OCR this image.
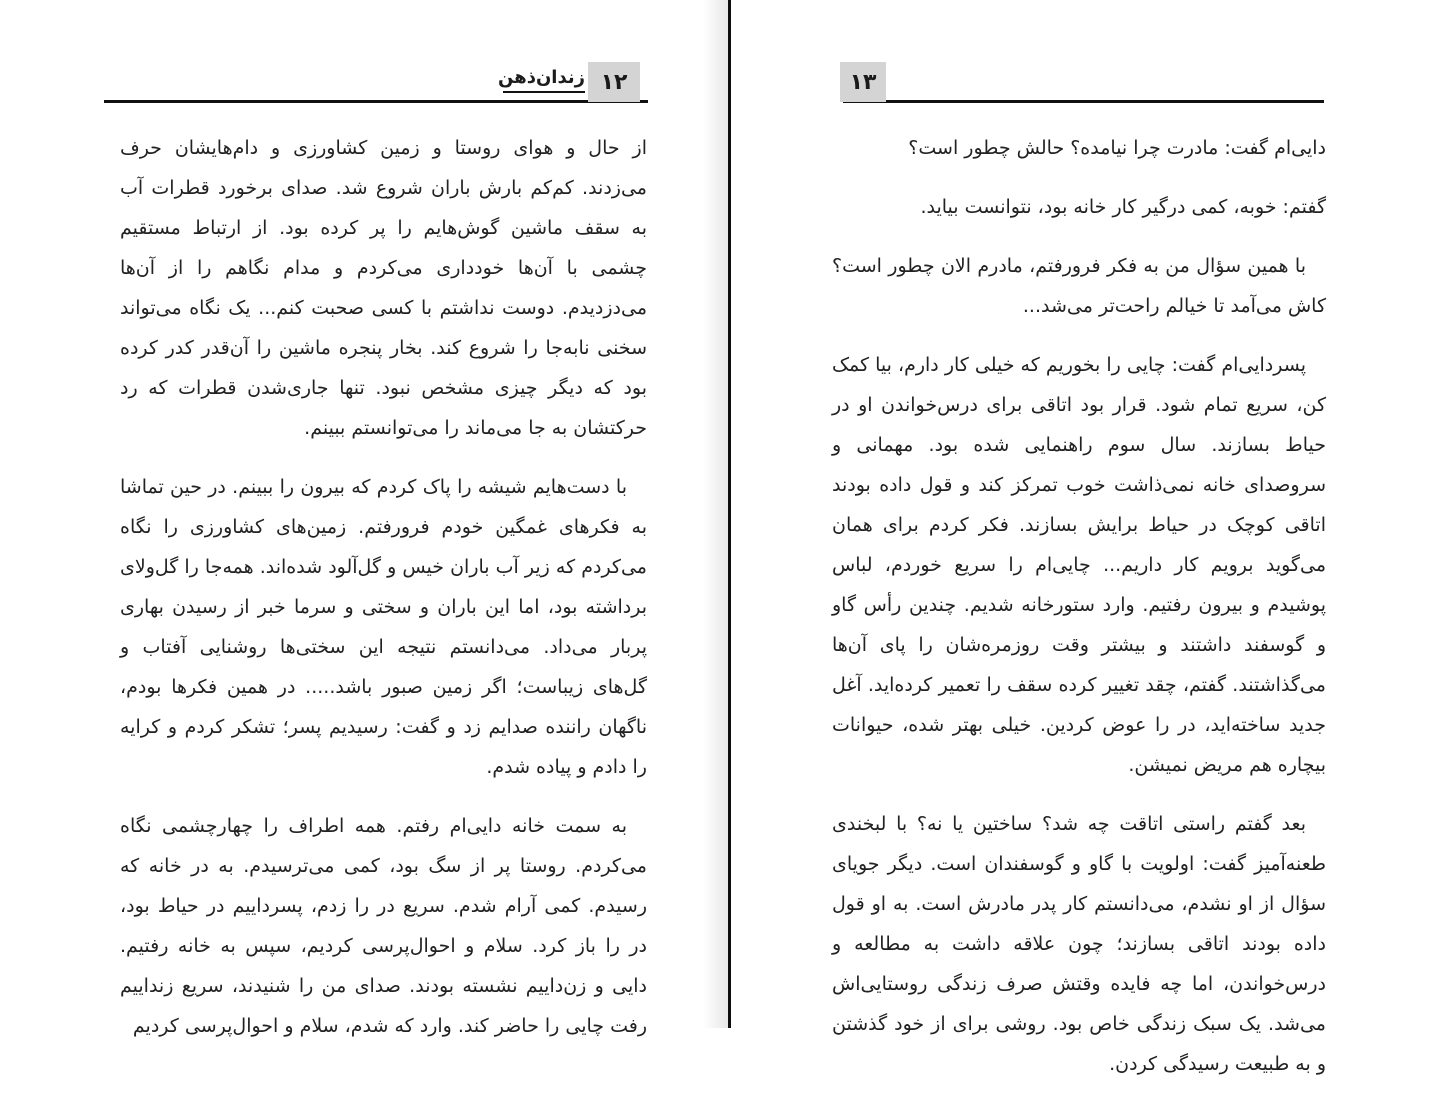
زندان‌ذهن ۱۲

از حال و هوای روستا و زمین کشاورزی و دام‌هایشان حرف می‌زدند. کم‌کم بارش باران شروع شد. صدای برخورد قطرات آب به سقف ماشین گوش‌هایم را پر کرده بود. از ارتباط مستقیم چشمی با آن‌ها خودداری می‌کردم و مدام نگاهم را از آن‌ها می‌دزدیدم. دوست نداشتم با کسی صحبت کنم... یک نگاه می‌تواند سخنی نابه‌جا را شروع کند. بخار پنجره ماشین را آن‌قدر کدر کرده بود که دیگر چیزی مشخص نبود. تنها جاری‌شدن قطرات که رد حرکتشان به جا می‌ماند را می‌توانستم ببینم.

با دست‌هایم شیشه را پاک کردم که بیرون را ببینم. در حین تماشا به فکرهای غمگین خودم فرورفتم. زمین‌های کشاورزی را نگاه می‌کردم که زیر آب باران خیس و گل‌آلود شده‌اند. همه‌جا را گل‌ولای برداشته بود، اما این باران و سختی و سرما خبر از رسیدن بهاری پربار می‌داد. می‌دانستم نتیجه این سختی‌ها روشنایی آفتاب و گل‌های زیباست؛ اگر زمین صبور باشد..... در همین فکرها بودم، ناگهان راننده صدایم زد و گفت: رسیدیم پسر؛ تشکر کردم و کرایه را دادم و پیاده شدم.

به سمت خانه دایی‌ام رفتم. همه اطراف را چهارچشمی نگاه می‌کردم. روستا پر از سگ بود، کمی می‌ترسیدم. به در خانه که رسیدم. کمی آرام شدم. سریع در را زدم، پسرداییم در حیاط بود، در را باز کرد. سلام و احوال‌پرسی کردیم، سپس به خانه رفتیم. دایی و زن‌داییم نشسته بودند. صدای من را شنیدند، سریع زنداییم رفت چایی را حاضر کند. وارد که شدم، سلام و احوال‌پرسی کردیم

۱۳

دایی‌ام گفت: مادرت چرا نیامده؟ حالش چطور است؟

گفتم: خوبه، کمی درگیر کار خانه بود، نتوانست بیاید.

با همین سؤال من به فکر فرورفتم، مادرم الان چطور است؟ کاش می‌آمد تا خیالم راحت‌تر می‌شد...

پسردایی‌ام گفت: چایی را بخوریم که خیلی کار دارم، بیا کمک کن، سریع تمام شود. قرار بود اتاقی برای درس‌خواندن او در حیاط بسازند. سال سوم راهنمایی شده بود. مهمانی و سروصدای خانه نمی‌ذاشت خوب تمرکز کند و قول داده بودند اتاقی کوچک در حیاط برایش بسازند. فکر کردم برای همان می‌گوید برویم کار داریم... چایی‌ام را سریع خوردم، لباس پوشیدم و بیرون رفتیم. وارد ستورخانه شدیم. چندین رأس گاو و گوسفند داشتند و بیشتر وقت روزمره‌شان را پای آن‌ها می‌گذاشتند. گفتم، چقد تغییر کرده سقف را تعمیر کرده‌اید. آغل جدید ساخته‌اید، در را عوض کردین. خیلی بهتر شده، حیوانات بیچاره هم مریض نمیشن.

بعد گفتم راستی اتاقت چه شد؟ ساختین یا نه؟ با لبخندی طعنه‌آمیز گفت: اولویت با گاو و گوسفندان است. دیگر جویای سؤال از او نشدم، می‌دانستم کار پدر مادرش است. به او قول داده بودند اتاقی بسازند؛ چون علاقه داشت به مطالعه و درس‌خواندن، اما چه فایده وقتش صرف زندگی روستایی‌اش می‌شد. یک سبک زندگی خاص بود. روشی برای از خود گذشتن و به طبیعت رسیدگی کردن.
